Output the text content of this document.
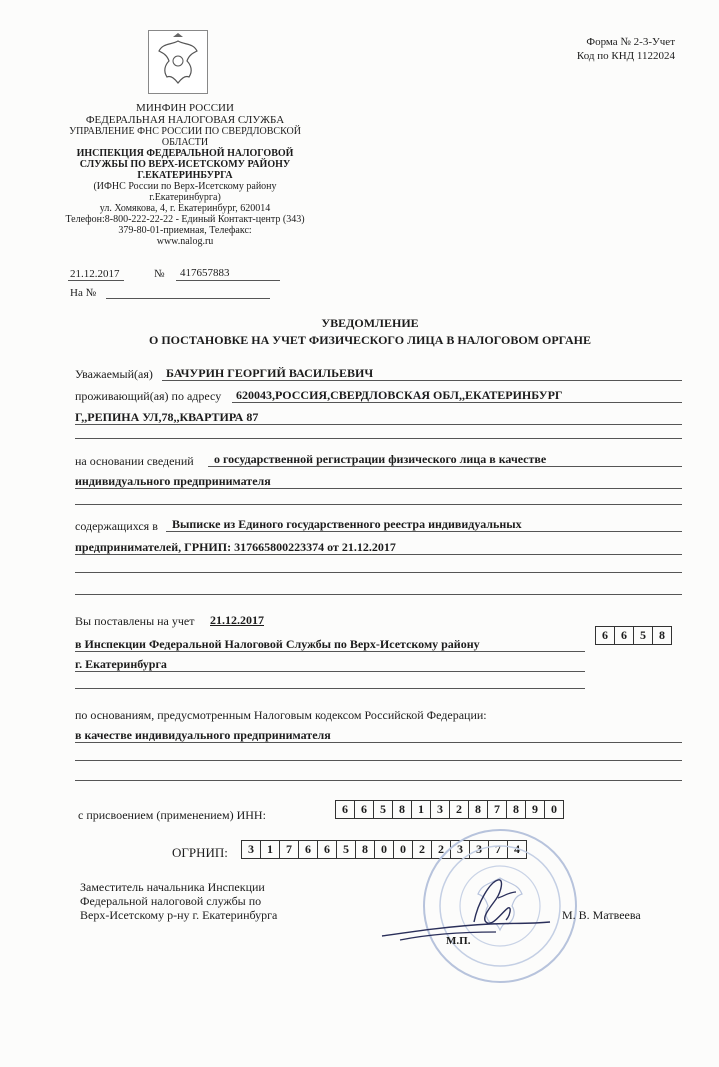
Форма № 2-3-Учет
Код по КНД 1122024
МИНФИН РОССИИ
ФЕДЕРАЛЬНАЯ НАЛОГОВАЯ СЛУЖБА
УПРАВЛЕНИЕ ФНС РОССИИ ПО СВЕРДЛОВСКОЙ
ОБЛАСТИ
ИНСПЕКЦИЯ ФЕДЕРАЛЬНОЙ НАЛОГОВОЙ
СЛУЖБЫ ПО ВЕРХ-ИСЕТСКОМУ РАЙОНУ
Г.ЕКАТЕРИНБУРГА
(ИФНС России по Верх-Исетскому району
г.Екатеринбурга)
ул. Хомякова, 4, г. Екатеринбург, 620014
Телефон:8-800-222-22-22 - Единый Контакт-центр (343)
379-80-01-приемная, Телефакс:
www.nalog.ru
21.12.2017	№ 417657883
На №
УВЕДОМЛЕНИЕ
О ПОСТАНОВКЕ НА УЧЕТ ФИЗИЧЕСКОГО ЛИЦА В НАЛОГОВОМ ОРГАНЕ
Уважаемый(ая) БАЧУРИН ГЕОРГИЙ ВАСИЛЬЕВИЧ
проживающий(ая) по адресу 620043,РОССИЯ,СВЕРДЛОВСКАЯ ОБЛ,,ЕКАТЕРИНБУРГ
Г,,РЕПИНА УЛ,78,,КВАРТИРА 87
на основании сведений о государственной регистрации физического лица в качестве
индивидуального предпринимателя
содержащихся в Выписке из Единого государственного реестра индивидуальных
предпринимателей, ГРНИП: 317665800223374 от 21.12.2017
Вы поставлены на учет 21.12.2017
в Инспекции Федеральной Налоговой Службы по Верх-Исетскому району
6	6	5	8
г. Екатеринбурга
по основаниям, предусмотренным Налоговым кодексом Российской Федерации:
в качестве индивидуального предпринимателя
с присвоением (применением) ИНН:	6	6	5	8	1	3	2	8	7	8	9	0
ОГРНИП:	3	1	7	6	6	5	8	0	0	2	2	3	3	7	4
Заместитель начальника Инспекции
Федеральной налоговой службы по
Верх-Исетскому р-ну г. Екатеринбурга	М. В. Матвеева
М.П.
